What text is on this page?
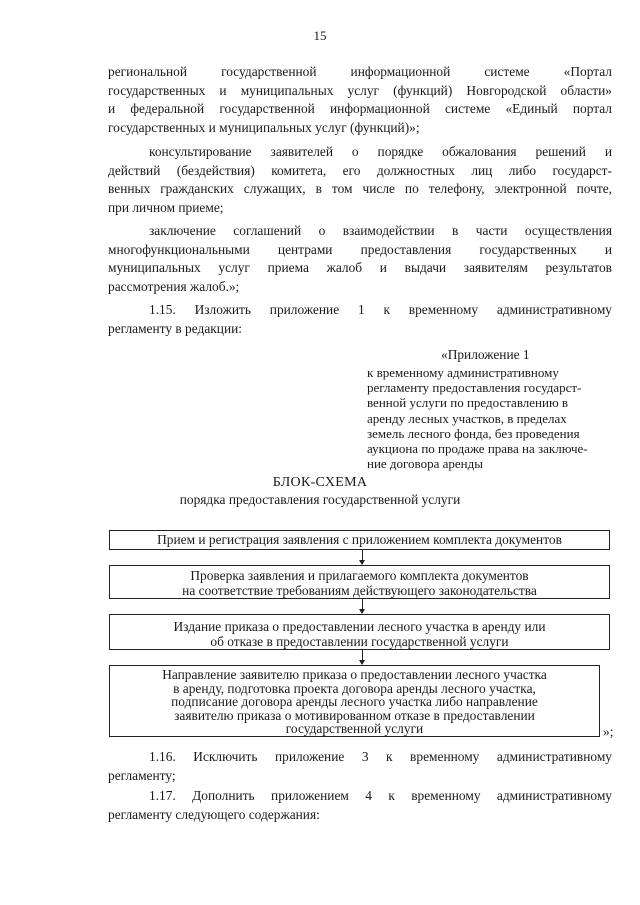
15
региональной государственной информационной системе «Портал
государственных и муниципальных услуг (функций) Новгородской области»
и федеральной государственной информационной системе «Единый портал
государственных и муниципальных услуг (функций)»;
консультирование заявителей о порядке обжалования решений и
действий (бездействия) комитета, его должностных лиц либо государст-
венных гражданских служащих, в том числе по телефону, электронной почте,
при личном приеме;
заключение соглашений о взаимодействии в части осуществления
многофункциональными центрами предоставления государственных и
муниципальных услуг приема жалоб и выдачи заявителям результатов
рассмотрения жалоб.»;
1.15. Изложить приложение 1 к временному административному
регламенту в редакции:
«Приложение 1
к временному административному
регламенту предоставления государст-
венной услуги по предоставлению в
аренду лесных участков, в пределах
земель лесного фонда, без проведения
аукциона по продаже права на заключе-
ние договора аренды
БЛОК-СХЕМА
порядка предоставления государственной услуги
Прием и регистрация заявления с приложением комплекта документов
Проверка заявления и прилагаемого комплекта документов
на соответствие требованиям действующего законодательства
Издание приказа о предоставлении лесного участка в аренду или
об отказе в предоставлении государственной услуги
Направление заявителю приказа о предоставлении лесного участка
в аренду, подготовка проекта договора аренды лесного участка,
подписание договора аренды лесного участка либо направление
заявителю приказа о мотивированном отказе в предоставлении
государственной услуги	»;
1.16. Исключить приложение 3 к временному административному
регламенту;
1.17. Дополнить приложением 4 к временному административному
регламенту следующего содержания:
